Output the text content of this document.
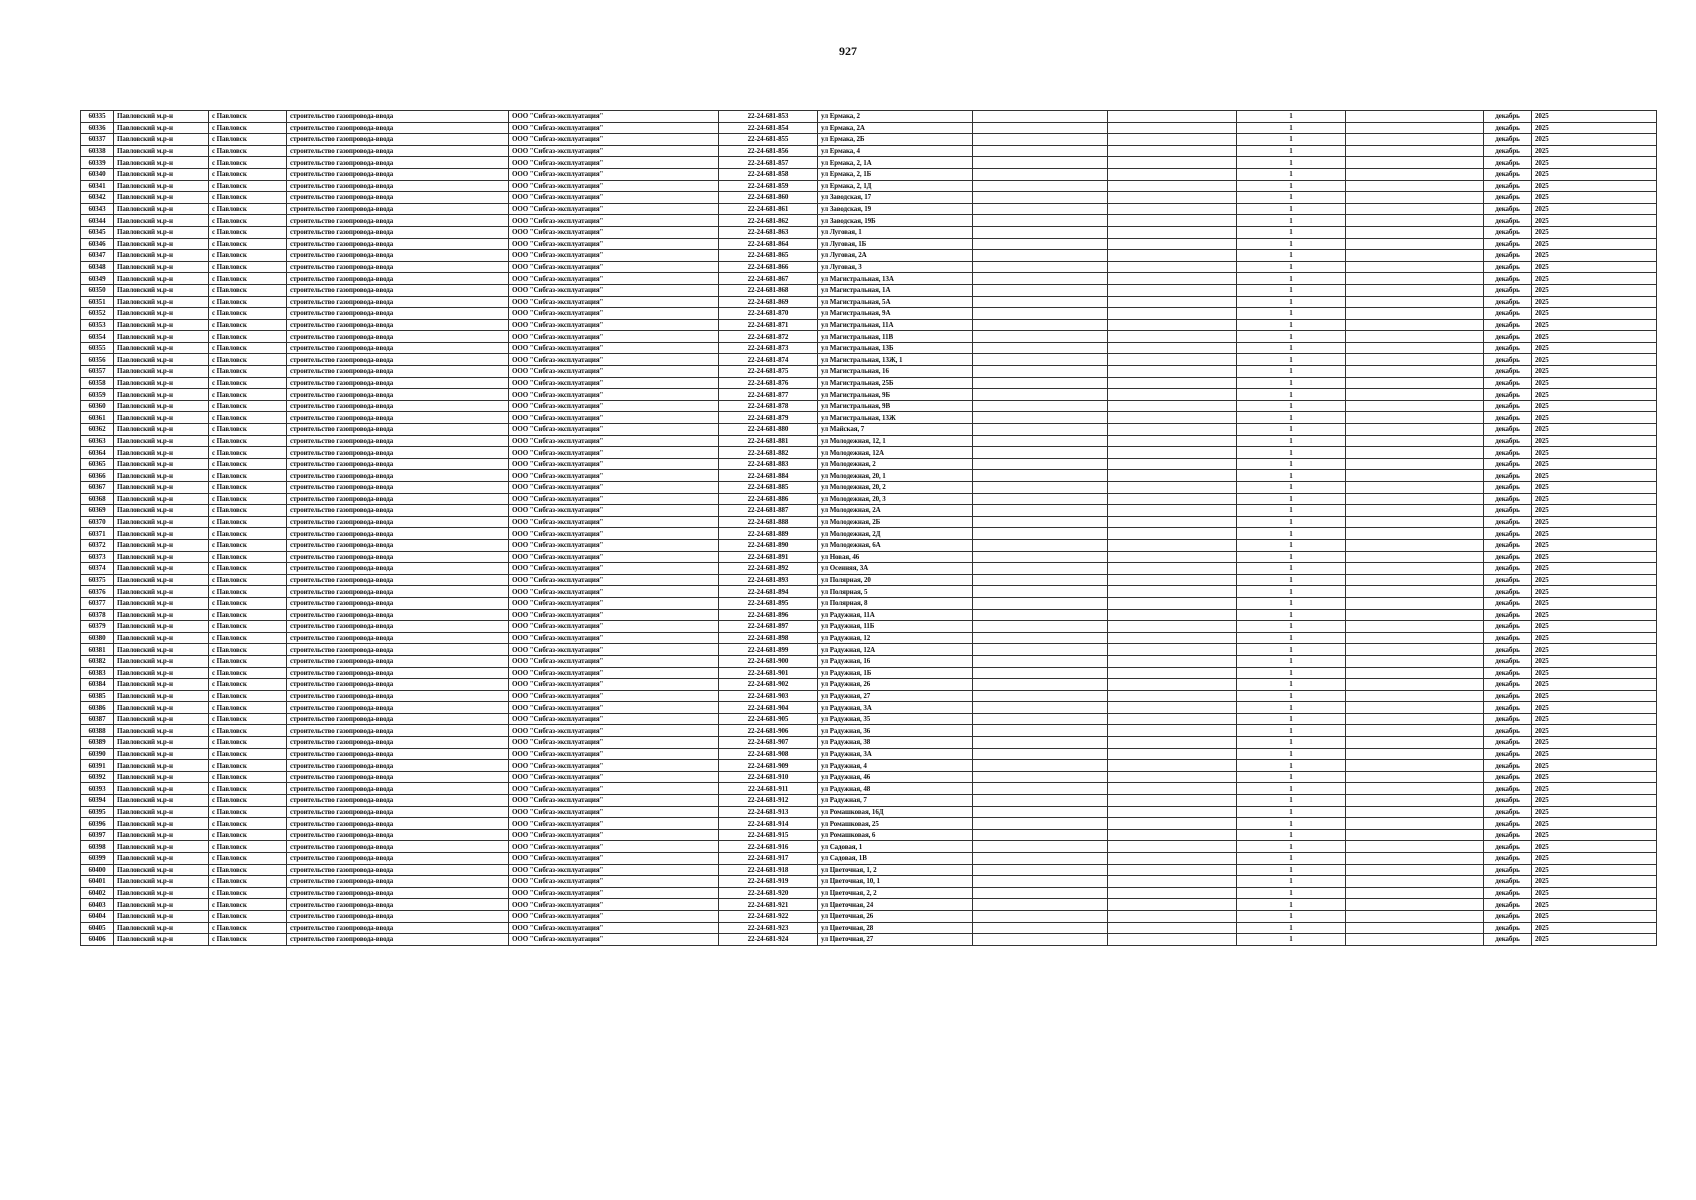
927
60335	Павловский м.р-н	с Павловск	строительство газопровода-ввода	ООО "Сибгаз-эксплуатация"	22-24-681-853	ул Ермака, 2			1		декабрь	2025
60336	Павловский м.р-н	с Павловск	строительство газопровода-ввода	ООО "Сибгаз-эксплуатация"	22-24-681-854	ул Ермака, 2А			1		декабрь	2025
60337	Павловский м.р-н	с Павловск	строительство газопровода-ввода	ООО "Сибгаз-эксплуатация"	22-24-681-855	ул Ермака, 2Б			1		декабрь	2025
60338	Павловский м.р-н	с Павловск	строительство газопровода-ввода	ООО "Сибгаз-эксплуатация"	22-24-681-856	ул Ермака, 4			1		декабрь	2025
60339	Павловский м.р-н	с Павловск	строительство газопровода-ввода	ООО "Сибгаз-эксплуатация"	22-24-681-857	ул Ермака, 2, 1А			1		декабрь	2025
60340	Павловский м.р-н	с Павловск	строительство газопровода-ввода	ООО "Сибгаз-эксплуатация"	22-24-681-858	ул Ермака, 2, 1Б			1		декабрь	2025
60341	Павловский м.р-н	с Павловск	строительство газопровода-ввода	ООО "Сибгаз-эксплуатация"	22-24-681-859	ул Ермака, 2, 1Д			1		декабрь	2025
60342	Павловский м.р-н	с Павловск	строительство газопровода-ввода	ООО "Сибгаз-эксплуатация"	22-24-681-860	ул Заводская, 17			1		декабрь	2025
60343	Павловский м.р-н	с Павловск	строительство газопровода-ввода	ООО "Сибгаз-эксплуатация"	22-24-681-861	ул Заводская, 19			1		декабрь	2025
60344	Павловский м.р-н	с Павловск	строительство газопровода-ввода	ООО "Сибгаз-эксплуатация"	22-24-681-862	ул Заводская, 19Б			1		декабрь	2025
60345	Павловский м.р-н	с Павловск	строительство газопровода-ввода	ООО "Сибгаз-эксплуатация"	22-24-681-863	ул Луговая, 1			1		декабрь	2025
60346	Павловский м.р-н	с Павловск	строительство газопровода-ввода	ООО "Сибгаз-эксплуатация"	22-24-681-864	ул Луговая, 1Б			1		декабрь	2025
60347	Павловский м.р-н	с Павловск	строительство газопровода-ввода	ООО "Сибгаз-эксплуатация"	22-24-681-865	ул Луговая, 2А			1		декабрь	2025
60348	Павловский м.р-н	с Павловск	строительство газопровода-ввода	ООО "Сибгаз-эксплуатация"	22-24-681-866	ул Луговая, 3			1		декабрь	2025
60349	Павловский м.р-н	с Павловск	строительство газопровода-ввода	ООО "Сибгаз-эксплуатация"	22-24-681-867	ул Магистральная, 13А			1		декабрь	2025
60350	Павловский м.р-н	с Павловск	строительство газопровода-ввода	ООО "Сибгаз-эксплуатация"	22-24-681-868	ул Магистральная, 1А			1		декабрь	2025
60351	Павловский м.р-н	с Павловск	строительство газопровода-ввода	ООО "Сибгаз-эксплуатация"	22-24-681-869	ул Магистральная, 5А			1		декабрь	2025
60352	Павловский м.р-н	с Павловск	строительство газопровода-ввода	ООО "Сибгаз-эксплуатация"	22-24-681-870	ул Магистральная, 9А			1		декабрь	2025
60353	Павловский м.р-н	с Павловск	строительство газопровода-ввода	ООО "Сибгаз-эксплуатация"	22-24-681-871	ул Магистральная, 11А			1		декабрь	2025
60354	Павловский м.р-н	с Павловск	строительство газопровода-ввода	ООО "Сибгаз-эксплуатация"	22-24-681-872	ул Магистральная, 11В			1		декабрь	2025
60355	Павловский м.р-н	с Павловск	строительство газопровода-ввода	ООО "Сибгаз-эксплуатация"	22-24-681-873	ул Магистральная, 13Б			1		декабрь	2025
60356	Павловский м.р-н	с Павловск	строительство газопровода-ввода	ООО "Сибгаз-эксплуатация"	22-24-681-874	ул Магистральная, 13Ж, 1			1		декабрь	2025
60357	Павловский м.р-н	с Павловск	строительство газопровода-ввода	ООО "Сибгаз-эксплуатация"	22-24-681-875	ул Магистральная, 16			1		декабрь	2025
60358	Павловский м.р-н	с Павловск	строительство газопровода-ввода	ООО "Сибгаз-эксплуатация"	22-24-681-876	ул Магистральная, 25Б			1		декабрь	2025
60359	Павловский м.р-н	с Павловск	строительство газопровода-ввода	ООО "Сибгаз-эксплуатация"	22-24-681-877	ул Магистральная, 9Б			1		декабрь	2025
60360	Павловский м.р-н	с Павловск	строительство газопровода-ввода	ООО "Сибгаз-эксплуатация"	22-24-681-878	ул Магистральная, 9В			1		декабрь	2025
60361	Павловский м.р-н	с Павловск	строительство газопровода-ввода	ООО "Сибгаз-эксплуатация"	22-24-681-879	ул Магистральная, 13Ж			1		декабрь	2025
60362	Павловский м.р-н	с Павловск	строительство газопровода-ввода	ООО "Сибгаз-эксплуатация"	22-24-681-880	ул Майская, 7			1		декабрь	2025
60363	Павловский м.р-н	с Павловск	строительство газопровода-ввода	ООО "Сибгаз-эксплуатация"	22-24-681-881	ул Молодежная, 12, 1			1		декабрь	2025
60364	Павловский м.р-н	с Павловск	строительство газопровода-ввода	ООО "Сибгаз-эксплуатация"	22-24-681-882	ул Молодежная, 12А			1		декабрь	2025
60365	Павловский м.р-н	с Павловск	строительство газопровода-ввода	ООО "Сибгаз-эксплуатация"	22-24-681-883	ул Молодежная, 2			1		декабрь	2025
60366	Павловский м.р-н	с Павловск	строительство газопровода-ввода	ООО "Сибгаз-эксплуатация"	22-24-681-884	ул Молодежная, 20, 1			1		декабрь	2025
60367	Павловский м.р-н	с Павловск	строительство газопровода-ввода	ООО "Сибгаз-эксплуатация"	22-24-681-885	ул Молодежная, 20, 2			1		декабрь	2025
60368	Павловский м.р-н	с Павловск	строительство газопровода-ввода	ООО "Сибгаз-эксплуатация"	22-24-681-886	ул Молодежная, 20, 3			1		декабрь	2025
60369	Павловский м.р-н	с Павловск	строительство газопровода-ввода	ООО "Сибгаз-эксплуатация"	22-24-681-887	ул Молодежная, 2А			1		декабрь	2025
60370	Павловский м.р-н	с Павловск	строительство газопровода-ввода	ООО "Сибгаз-эксплуатация"	22-24-681-888	ул Молодежная, 2Б			1		декабрь	2025
60371	Павловский м.р-н	с Павловск	строительство газопровода-ввода	ООО "Сибгаз-эксплуатация"	22-24-681-889	ул Молодежная, 2Д			1		декабрь	2025
60372	Павловский м.р-н	с Павловск	строительство газопровода-ввода	ООО "Сибгаз-эксплуатация"	22-24-681-890	ул Молодежная, 6А			1		декабрь	2025
60373	Павловский м.р-н	с Павловск	строительство газопровода-ввода	ООО "Сибгаз-эксплуатация"	22-24-681-891	ул Новая, 46			1		декабрь	2025
60374	Павловский м.р-н	с Павловск	строительство газопровода-ввода	ООО "Сибгаз-эксплуатация"	22-24-681-892	ул Осенняя, 3А			1		декабрь	2025
60375	Павловский м.р-н	с Павловск	строительство газопровода-ввода	ООО "Сибгаз-эксплуатация"	22-24-681-893	ул Полярная, 20			1		декабрь	2025
60376	Павловский м.р-н	с Павловск	строительство газопровода-ввода	ООО "Сибгаз-эксплуатация"	22-24-681-894	ул Полярная, 5			1		декабрь	2025
60377	Павловский м.р-н	с Павловск	строительство газопровода-ввода	ООО "Сибгаз-эксплуатация"	22-24-681-895	ул Полярная, 8			1		декабрь	2025
60378	Павловский м.р-н	с Павловск	строительство газопровода-ввода	ООО "Сибгаз-эксплуатация"	22-24-681-896	ул Радужная, 11А			1		декабрь	2025
60379	Павловский м.р-н	с Павловск	строительство газопровода-ввода	ООО "Сибгаз-эксплуатация"	22-24-681-897	ул Радужная, 11Б			1		декабрь	2025
60380	Павловский м.р-н	с Павловск	строительство газопровода-ввода	ООО "Сибгаз-эксплуатация"	22-24-681-898	ул Радужная, 12			1		декабрь	2025
60381	Павловский м.р-н	с Павловск	строительство газопровода-ввода	ООО "Сибгаз-эксплуатация"	22-24-681-899	ул Радужная, 12А			1		декабрь	2025
60382	Павловский м.р-н	с Павловск	строительство газопровода-ввода	ООО "Сибгаз-эксплуатация"	22-24-681-900	ул Радужная, 16			1		декабрь	2025
60383	Павловский м.р-н	с Павловск	строительство газопровода-ввода	ООО "Сибгаз-эксплуатация"	22-24-681-901	ул Радужная, 1Б			1		декабрь	2025
60384	Павловский м.р-н	с Павловск	строительство газопровода-ввода	ООО "Сибгаз-эксплуатация"	22-24-681-902	ул Радужная, 26			1		декабрь	2025
60385	Павловский м.р-н	с Павловск	строительство газопровода-ввода	ООО "Сибгаз-эксплуатация"	22-24-681-903	ул Радужная, 27			1		декабрь	2025
60386	Павловский м.р-н	с Павловск	строительство газопровода-ввода	ООО "Сибгаз-эксплуатация"	22-24-681-904	ул Радужная, 3А			1		декабрь	2025
60387	Павловский м.р-н	с Павловск	строительство газопровода-ввода	ООО "Сибгаз-эксплуатация"	22-24-681-905	ул Радужная, 35			1		декабрь	2025
60388	Павловский м.р-н	с Павловск	строительство газопровода-ввода	ООО "Сибгаз-эксплуатация"	22-24-681-906	ул Радужная, 36			1		декабрь	2025
60389	Павловский м.р-н	с Павловск	строительство газопровода-ввода	ООО "Сибгаз-эксплуатация"	22-24-681-907	ул Радужная, 38			1		декабрь	2025
60390	Павловский м.р-н	с Павловск	строительство газопровода-ввода	ООО "Сибгаз-эксплуатация"	22-24-681-908	ул Радужная, 3А			1		декабрь	2025
60391	Павловский м.р-н	с Павловск	строительство газопровода-ввода	ООО "Сибгаз-эксплуатация"	22-24-681-909	ул Радужная, 4			1		декабрь	2025
60392	Павловский м.р-н	с Павловск	строительство газопровода-ввода	ООО "Сибгаз-эксплуатация"	22-24-681-910	ул Радужная, 46			1		декабрь	2025
60393	Павловский м.р-н	с Павловск	строительство газопровода-ввода	ООО "Сибгаз-эксплуатация"	22-24-681-911	ул Радужная, 48			1		декабрь	2025
60394	Павловский м.р-н	с Павловск	строительство газопровода-ввода	ООО "Сибгаз-эксплуатация"	22-24-681-912	ул Радужная, 7			1		декабрь	2025
60395	Павловский м.р-н	с Павловск	строительство газопровода-ввода	ООО "Сибгаз-эксплуатация"	22-24-681-913	ул Ромашковая, 16Д			1		декабрь	2025
60396	Павловский м.р-н	с Павловск	строительство газопровода-ввода	ООО "Сибгаз-эксплуатация"	22-24-681-914	ул Ромашковая, 25			1		декабрь	2025
60397	Павловский м.р-н	с Павловск	строительство газопровода-ввода	ООО "Сибгаз-эксплуатация"	22-24-681-915	ул Ромашковая, 6			1		декабрь	2025
60398	Павловский м.р-н	с Павловск	строительство газопровода-ввода	ООО "Сибгаз-эксплуатация"	22-24-681-916	ул Садовая, 1			1		декабрь	2025
60399	Павловский м.р-н	с Павловск	строительство газопровода-ввода	ООО "Сибгаз-эксплуатация"	22-24-681-917	ул Садовая, 1В			1		декабрь	2025
60400	Павловский м.р-н	с Павловск	строительство газопровода-ввода	ООО "Сибгаз-эксплуатация"	22-24-681-918	ул Цветочная, 1, 2			1		декабрь	2025
60401	Павловский м.р-н	с Павловск	строительство газопровода-ввода	ООО "Сибгаз-эксплуатация"	22-24-681-919	ул Цветочная, 10, 1			1		декабрь	2025
60402	Павловский м.р-н	с Павловск	строительство газопровода-ввода	ООО "Сибгаз-эксплуатация"	22-24-681-920	ул Цветочная, 2, 2			1		декабрь	2025
60403	Павловский м.р-н	с Павловск	строительство газопровода-ввода	ООО "Сибгаз-эксплуатация"	22-24-681-921	ул Цветочная, 24			1		декабрь	2025
60404	Павловский м.р-н	с Павловск	строительство газопровода-ввода	ООО "Сибгаз-эксплуатация"	22-24-681-922	ул Цветочная, 26			1		декабрь	2025
60405	Павловский м.р-н	с Павловск	строительство газопровода-ввода	ООО "Сибгаз-эксплуатация"	22-24-681-923	ул Цветочная, 28			1		декабрь	2025
60406	Павловский м.р-н	с Павловск	строительство газопровода-ввода	ООО "Сибгаз-эксплуатация"	22-24-681-924	ул Цветочная, 27			1		декабрь	2025
